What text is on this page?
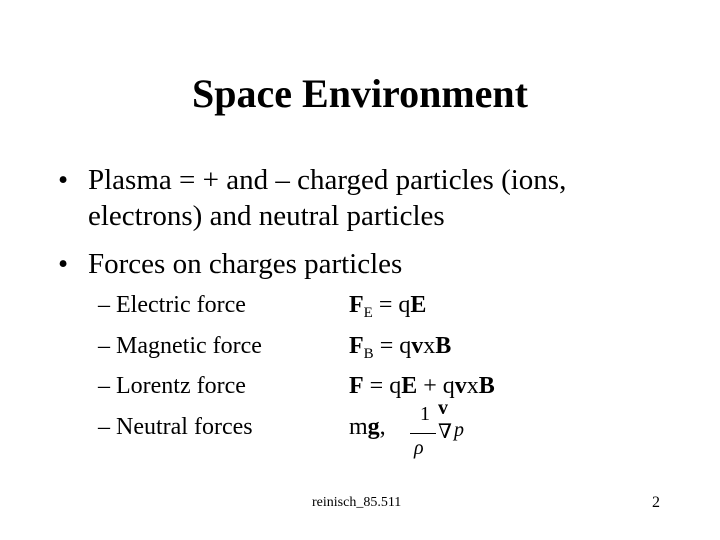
Space Environment
• Plasma = + and – charged particles (ions,
electrons) and neutral particles
• Forces on charges particles
– Electric force
– Magnetic force
– Lorentz force
– Neutral forces
$F_E$ = qE
$F_B$ = qvxB
F = qE + qvxB
mg, 1 v
ρ
∇ p
reinisch_85.511	2
